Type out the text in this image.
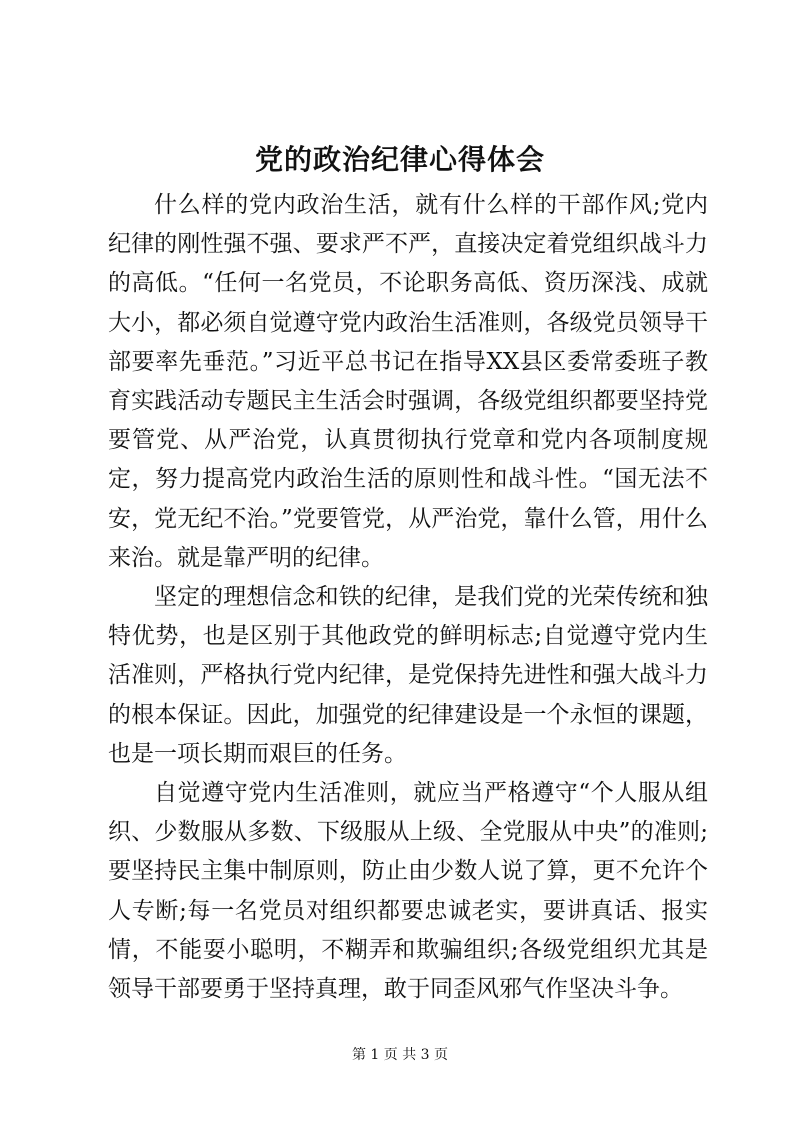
党的政治纪律心得体会

什么样的党内政治生活，就有什么样的干部作风;党内纪律的刚性强不强、要求严不严，直接决定着党组织战斗力的高低。“任何一名党员，不论职务高低、资历深浅、成就大小，都必须自觉遵守党内政治生活准则，各级党员领导干部要率先垂范。”习近平总书记在指导XX县区委常委班子教育实践活动专题民主生活会时强调，各级党组织都要坚持党要管党、从严治党，认真贯彻执行党章和党内各项制度规定，努力提高党内政治生活的原则性和战斗性。“国无法不安，党无纪不治。”党要管党，从严治党，靠什么管，用什么来治。就是靠严明的纪律。

坚定的理想信念和铁的纪律，是我们党的光荣传统和独特优势，也是区别于其他政党的鲜明标志;自觉遵守党内生活准则，严格执行党内纪律，是党保持先进性和强大战斗力的根本保证。因此，加强党的纪律建设是一个永恒的课题，也是一项长期而艰巨的任务。

自觉遵守党内生活准则，就应当严格遵守“个人服从组织、少数服从多数、下级服从上级、全党服从中央”的准则;要坚持民主集中制原则，防止由少数人说了算，更不允许个人专断;每一名党员对组织都要忠诚老实，要讲真话、报实情，不能耍小聪明，不糊弄和欺骗组织;各级党组织尤其是领导干部要勇于坚持真理，敢于同歪风邪气作坚决斗争。

第 1 页 共 3 页
